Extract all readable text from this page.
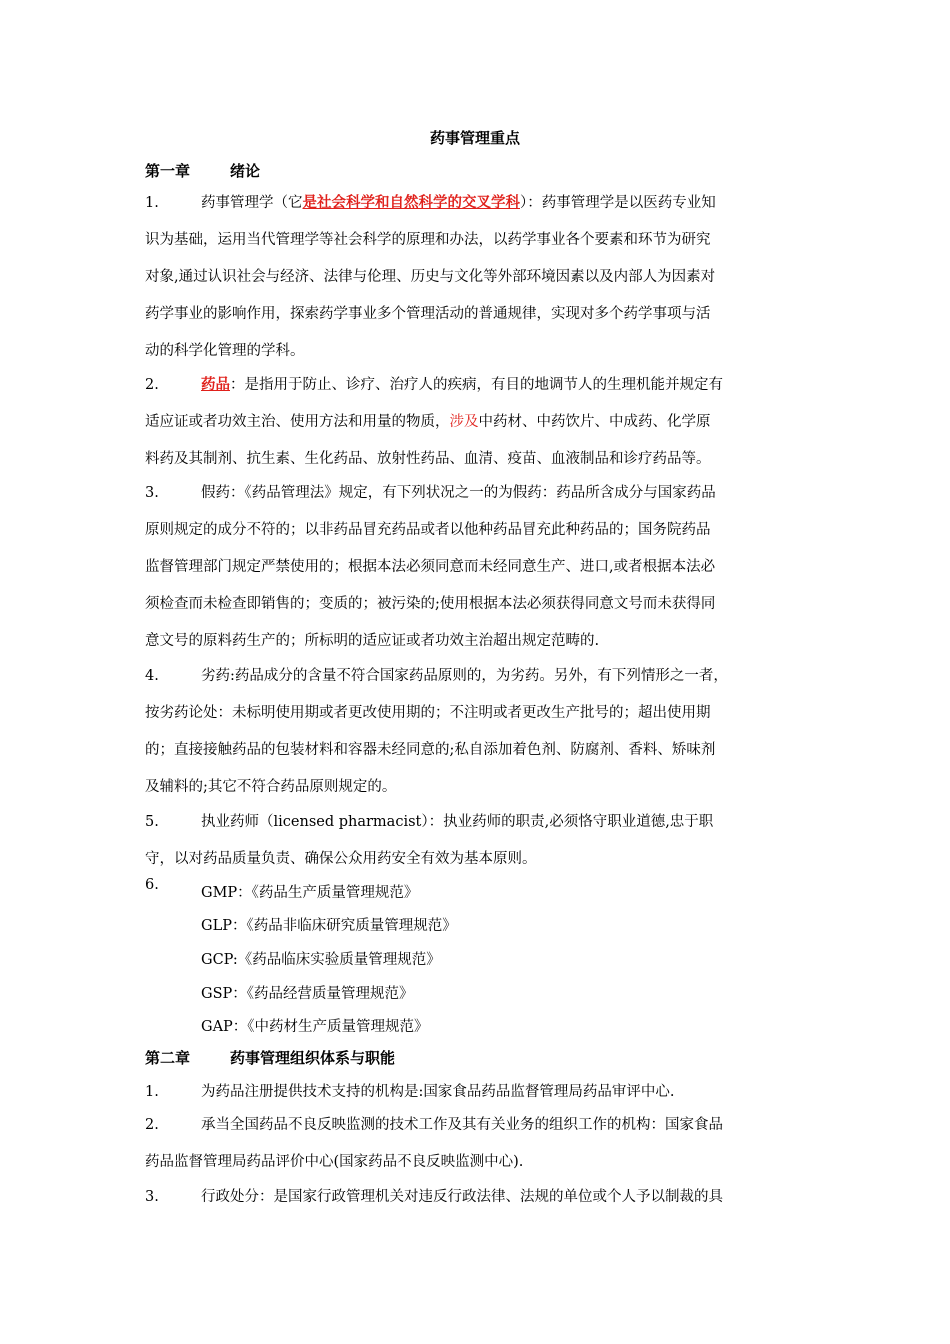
药事管理重点
第一章	绪论
1.	药事管理学（它是社会科学和自然科学的交叉学科）：药事管理学是以医药专业知
识为基础，运用当代管理学等社会科学的原理和办法，以药学事业各个要素和环节为研究
对象,通过认识社会与经济、法律与伦理、历史与文化等外部环境因素以及内部人为因素对
药学事业的影响作用，探索药学事业多个管理活动的普通规律，实现对多个药学事项与活
动的科学化管理的学科。
2.	药品：是指用于防止、诊疗、治疗人的疾病，有目的地调节人的生理机能并规定有
适应证或者功效主治、使用方法和用量的物质，涉及中药材、中药饮片、中成药、化学原
料药及其制剂、抗生素、生化药品、放射性药品、血清、疫苗、血液制品和诊疗药品等。
3.	假药：《药品管理法》规定，有下列状况之一的为假药：药品所含成分与国家药品
原则规定的成分不符的；以非药品冒充药品或者以他种药品冒充此种药品的；国务院药品
监督管理部门规定严禁使用的；根据本法必须同意而未经同意生产、进口,或者根据本法必
须检查而未检查即销售的；变质的；被污染的;使用根据本法必须获得同意文号而未获得同
意文号的原料药生产的；所标明的适应证或者功效主治超出规定范畴的.
4.	劣药:药品成分的含量不符合国家药品原则的，为劣药。另外，有下列情形之一者，
按劣药论处：未标明使用期或者更改使用期的；不注明或者更改生产批号的；超出使用期
的；直接接触药品的包装材料和容器未经同意的;私自添加着色剂、防腐剂、香料、矫味剂
及辅料的;其它不符合药品原则规定的。
5.	执业药师（licensed pharmacist）：执业药师的职责,必须恪守职业道德,忠于职
守，以对药品质量负责、确保公众用药安全有效为基本原则。
6.	GMP：《药品生产质量管理规范》
GLP：《药品非临床研究质量管理规范》
GCP:《药品临床实验质量管理规范》
GSP：《药品经营质量管理规范》
GAP：《中药材生产质量管理规范》
第二章	药事管理组织体系与职能
1.	为药品注册提供技术支持的机构是:国家食品药品监督管理局药品审评中心.
2.	承当全国药品不良反映监测的技术工作及其有关业务的组织工作的机构：国家食品
药品监督管理局药品评价中心(国家药品不良反映监测中心).
3.	行政处分：是国家行政管理机关对违反行政法律、法规的单位或个人予以制裁的具
